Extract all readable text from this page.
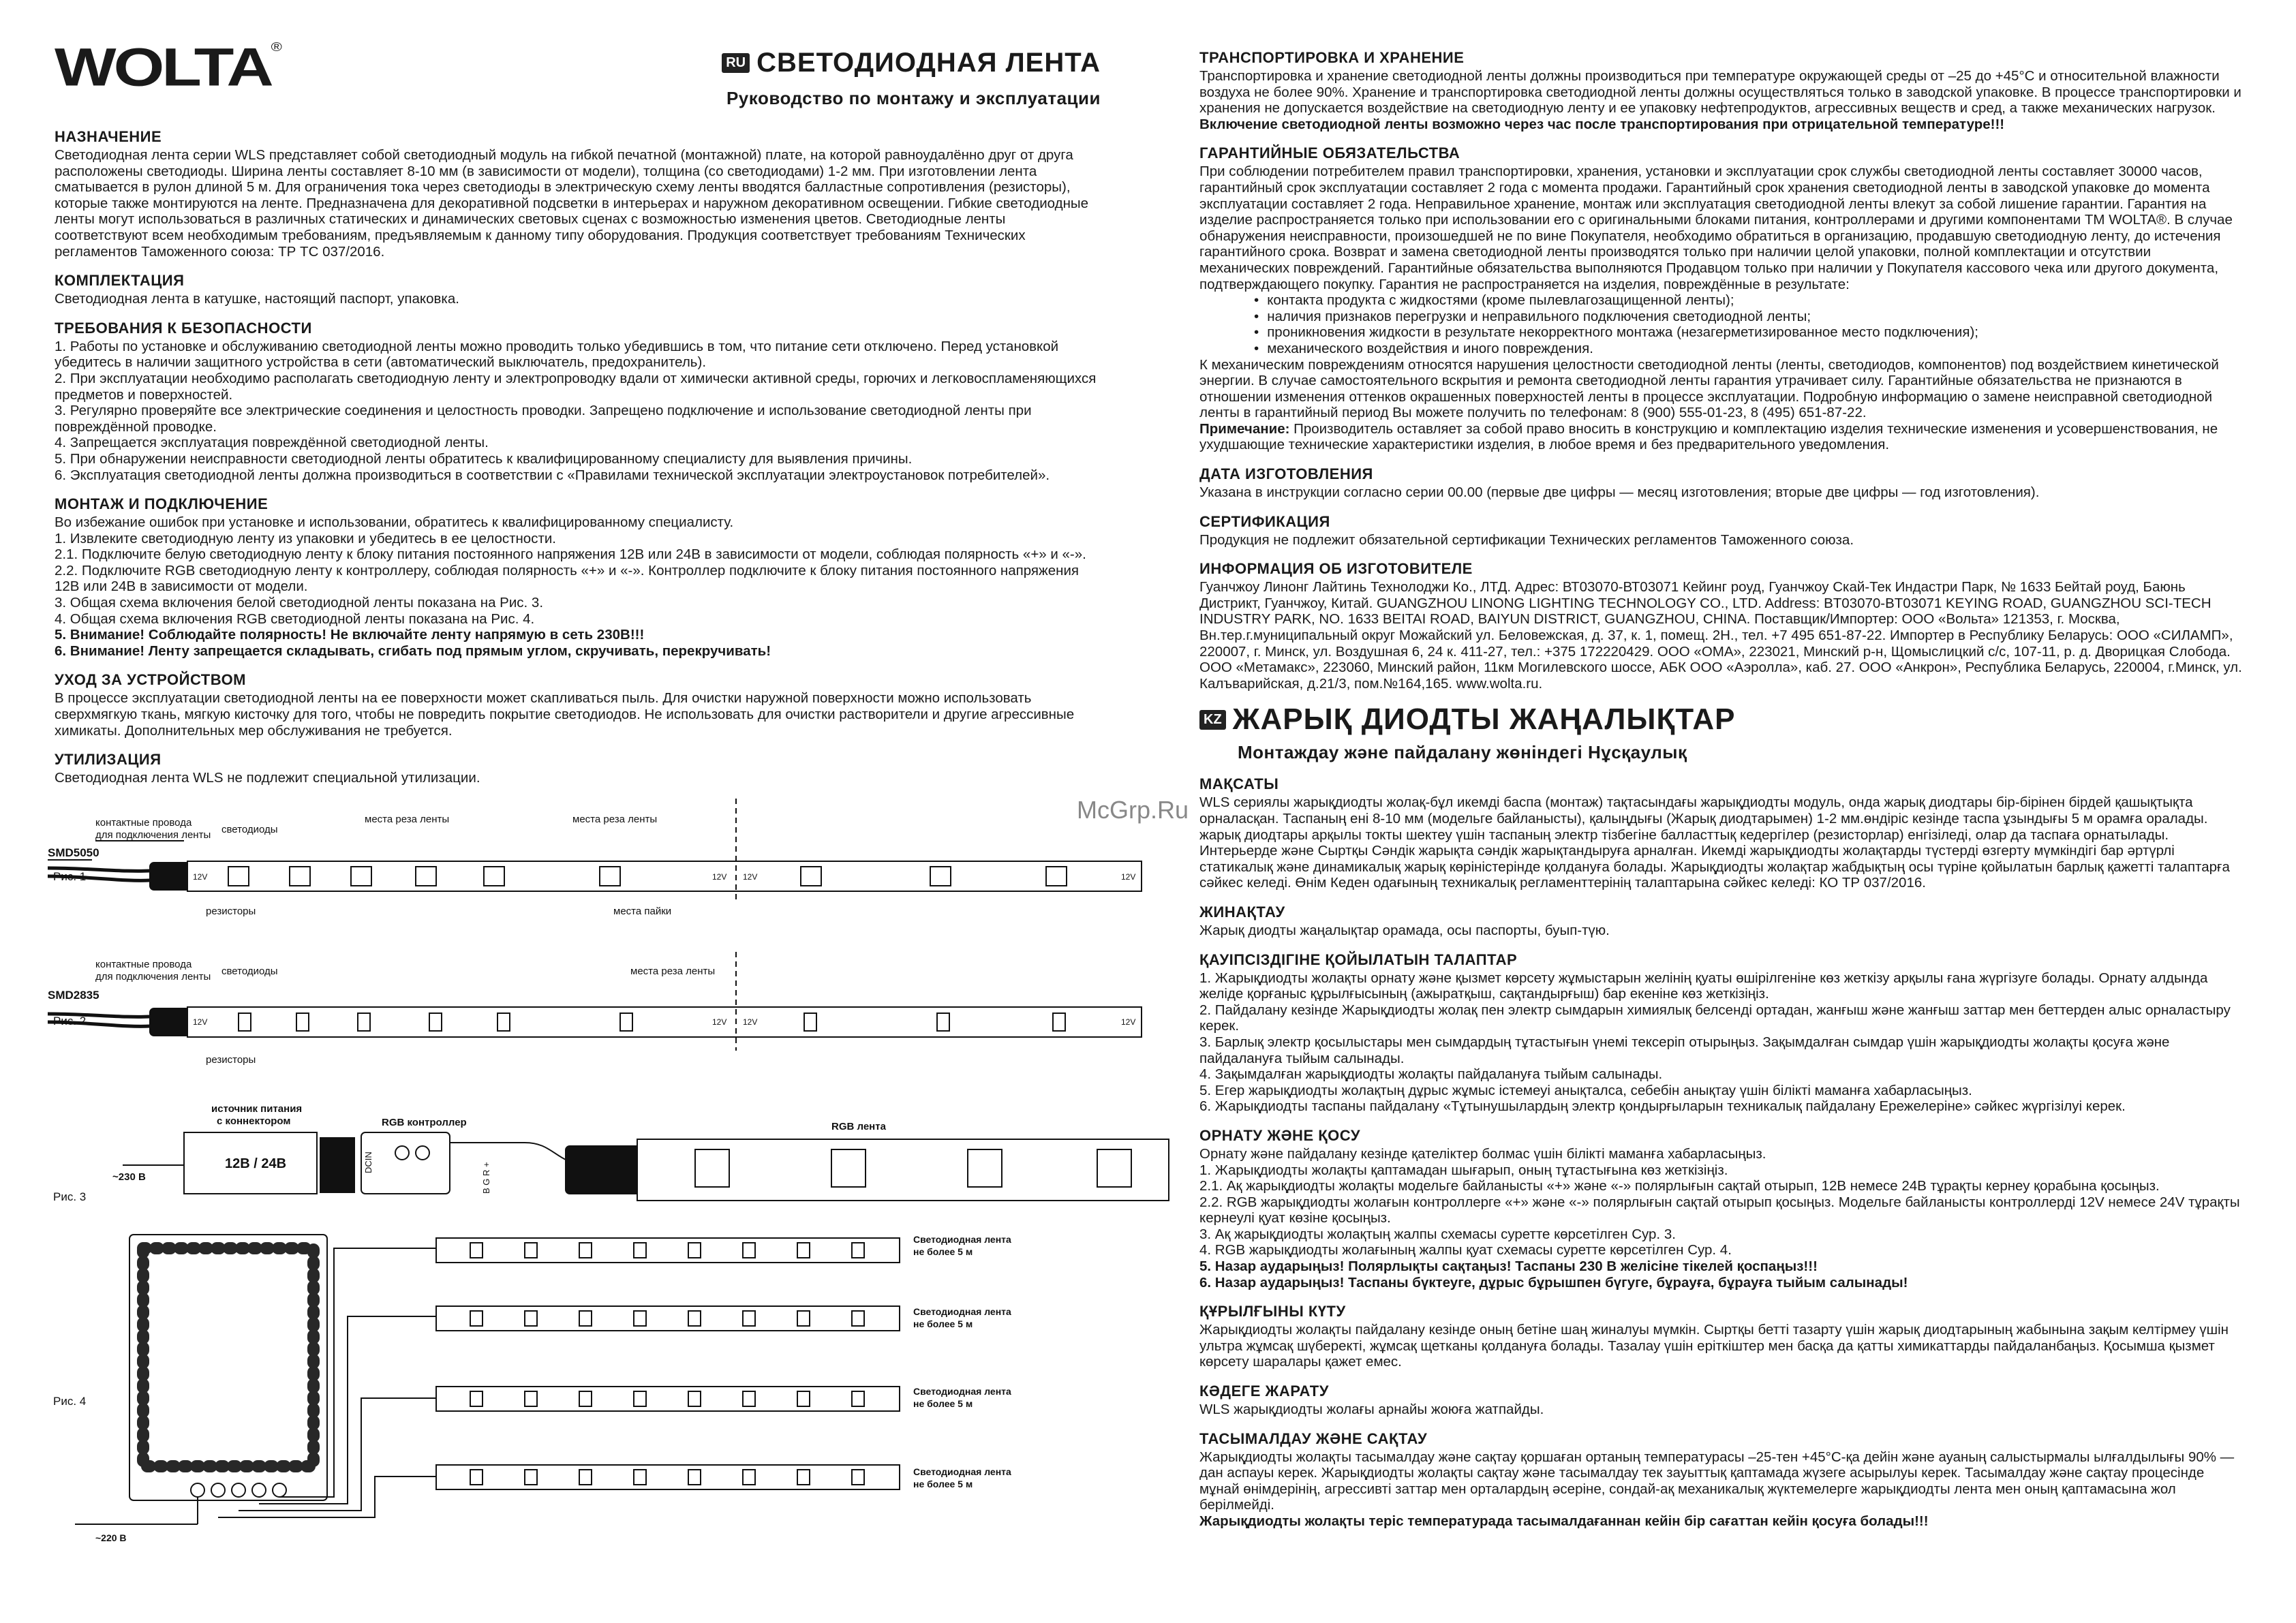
McGrp.Ru
WOLTA®
RU СВЕТОДИОДНАЯ ЛЕНТА
Руководство по монтажу и эксплуатации
НАЗНАЧЕНИЕ

Светодиодная лента серии WLS представляет собой светодиодный модуль на гибкой печатной (монтажной) плате, на которой равноудалённо друг от друга расположены светодиоды. Ширина ленты составляет 8-10 мм (в зависимости от модели), толщина (со светодиодами) 1-2 мм. При изготовлении лента сматывается в рулон длиной 5 м. Для ограничения тока через светодиоды в электрическую схему ленты вводятся балластные сопротивления (резисторы), которые также монтируются на ленте. Предназначена для декоративной подсветки в интерьерах и наружном декоративном освещении. Гибкие светодиодные ленты могут использоваться в различных статических и динамических световых сценах с возможностью изменения цветов. Светодиодные ленты соответствуют всем необходимым требованиям, предъявляемым к данному типу оборудования. Продукция соответствует требованиям Технических регламентов Таможенного союза: ТР ТС 037/2016.

КОМПЛЕКТАЦИЯ

Светодиодная лента в катушке, настоящий паспорт, упаковка.

ТРЕБОВАНИЯ К БЕЗОПАСНОСТИ

1. Работы по установке и обслуживанию светодиодной ленты можно проводить только убедившись в том, что питание сети отключено. Перед установкой убедитесь в наличии защитного устройства в сети (автоматический выключатель, предохранитель).

2. При эксплуатации необходимо располагать светодиодную ленту и электропроводку вдали от химически активной среды, горючих и легковоспламеняющихся предметов и поверхностей.

3. Регулярно проверяйте все электрические соединения и целостность проводки. Запрещено подключение и использование светодиодной ленты при повреждённой проводке.

4. Запрещается эксплуатация повреждённой светодиодной ленты.

5. При обнаружении неисправности светодиодной ленты обратитесь к квалифицированному специалисту для выявления причины.

6. Эксплуатация светодиодной ленты должна производиться в соответствии с «Правилами технической эксплуатации электроустановок потребителей».

МОНТАЖ И ПОДКЛЮЧЕНИЕ

Во избежание ошибок при установке и использовании, обратитесь к квалифицированному специалисту.

1. Извлеките светодиодную ленту из упаковки и убедитесь в ее целостности.

2.1. Подключите белую светодиодную ленту к блоку питания постоянного напряжения 12В или 24В в зависимости от модели, соблюдая полярность «+» и «-».

2.2. Подключите RGB светодиодную ленту к контроллеру, соблюдая полярность «+» и «-». Контроллер подключите к блоку питания постоянного напряжения 12В или 24В в зависимости от модели.

3. Общая схема включения белой светодиодной ленты показана на Рис. 3.

4. Общая схема включения RGB светодиодной ленты показана на Рис. 4.

5. Внимание! Соблюдайте полярность! Не включайте ленту напрямую в сеть 230В!!!

6. Внимание! Ленту запрещается складывать, сгибать под прямым углом, скручивать, перекручивать!

УХОД ЗА УСТРОЙСТВОМ

В процессе эксплуатации светодиодной ленты на ее поверхности может скапливаться пыль. Для очистки наружной поверхности можно использовать сверхмягкую ткань, мягкую кисточку для того, чтобы не повредить покрытие светодиодов. Не использовать для очистки растворители и другие агрессивные химикаты. Дополнительных мер обслуживания не требуется.

УТИЛИЗАЦИЯ

Светодиодная лента WLS не подлежит специальной утилизации.

контактные провода
для подключения ленты
SMD5050
Рис. 1
светодиоды
места реза ленты	места реза ленты
12V	12V 12V	12V
резисторы	места пайки
контактные провода
для подключения ленты
SMD2835
Рис. 2
светодиоды	места реза ленты
12V	12V 12V	12V
резисторы
источник питания
с коннектором
12В / 24В
~230 В
Рис. 3
RGB контроллер
DCIN	B G R +
RGB лента
Рис. 4
~220 В
Светодиодная лента
не более 5 м
Светодиодная лента
не более 5 м
Светодиодная лента
не более 5 м
Светодиодная лента
не более 5 м
ТРАНСПОРТИРОВКА И ХРАНЕНИЕ

Транспортировка и хранение светодиодной ленты должны производиться при температуре окружающей среды от –25 до +45°С и относительной влажности воздуха не более 90%. Хранение и транспортировка светодиодной ленты должны осуществляться только в заводской упаковке. В процессе транспортировки и хранения не допускается воздействие на светодиодную ленту и ее упаковку нефтепродуктов, агрессивных веществ и сред, а также механических нагрузок.

Включение светодиодной ленты возможно через час после транспортирования при отрицательной температуре!!!

ГАРАНТИЙНЫЕ ОБЯЗАТЕЛЬСТВА

При соблюдении потребителем правил транспортировки, хранения, установки и эксплуатации срок службы светодиодной ленты составляет 30000 часов, гарантийный срок эксплуатации составляет 2 года с момента продажи. Гарантийный срок хранения светодиодной ленты в заводской упаковке до момента эксплуатации составляет 2 года. Неправильное хранение, монтаж или эксплуатация светодиодной ленты влекут за собой лишение гарантии. Гарантия на изделие распространяется только при использовании его с оригинальными блоками питания, контроллерами и другими компонентами ТМ WOLTA®. В случае обнаружения неисправности, произошедшей не по вине Покупателя, необходимо обратиться в организацию, продавшую светодиодную ленту, до истечения гарантийного срока. Возврат и замена светодиодной ленты производятся только при наличии целой упаковки, полной комплектации и отсутствии механических повреждений. Гарантийные обязательства выполняются Продавцом только при наличии у Покупателя кассового чека или другого документа, подтверждающего покупку. Гарантия не распространяется на изделия, повреждённые в результате:

• контакта продукта с жидкостями (кроме пылевлагозащищенной ленты);
• наличия признаков перегрузки и неправильного подключения светодиодной ленты;
• проникновения жидкости в результате некорректного монтажа (незагерметизированное место подключения);
• механического воздействия и иного повреждения.

К механическим повреждениям относятся нарушения целостности светодиодной ленты (ленты, светодиодов, компонентов) под воздействием кинетической энергии. В случае самостоятельного вскрытия и ремонта светодиодной ленты гарантия утрачивает силу. Гарантийные обязательства не признаются в отношении изменения оттенков окрашенных поверхностей ленты в процессе эксплуатации. Подробную информацию о замене неисправной светодиодной ленты в гарантийный период Вы можете получить по телефонам: 8 (900) 555-01-23, 8 (495) 651-87-22.

Примечание: Производитель оставляет за собой право вносить в конструкцию и комплектацию изделия технические изменения и усовершенствования, не ухудшающие технические характеристики изделия, в любое время и без предварительного уведомления.

ДАТА ИЗГОТОВЛЕНИЯ

Указана в инструкции согласно серии 00.00 (первые две цифры — месяц изготовления; вторые две цифры — год изготовления).

СЕРТИФИКАЦИЯ

Продукция не подлежит обязательной сертификации Технических регламентов Таможенного союза.

ИНФОРМАЦИЯ ОБ ИЗГОТОВИТЕЛЕ

Гуанчжоу Линонг Лайтинь Технолоджи Ко., ЛТД. Адрес: ВТ03070-ВТ03071 Кейинг роуд, Гуанчжоу Скай-Тек Индастри Парк, № 1633 Бейтай роуд, Баюнь Дистрикт, Гуанчжоу, Китай. GUANGZHOU LINONG LIGHTING TECHNOLOGY CO., LTD. Address: BT03070-BT03071 KEYING ROAD, GUANGZHOU SCI-TECH INDUSTRY PARK, NO. 1633 BEITAI ROAD, BAIYUN DISTRICT, GUANGZHOU, CHINA. Поставщик/Импортер: ООО «Вольта» 121353, г. Москва, Вн.тер.г.муниципальный округ Можайский ул. Беловежская, д. 37, к. 1, помещ. 2Н., тел. +7 495 651-87-22. Импортер в Республику Беларусь: ООО «СИЛАМП», 220007, г. Минск, ул. Воздушная 6, 24 к. 411-27, тел.: +375 172220429. ООО «ОМА», 223021, Минский р-н, Щомыслицкий с/с, 107-11, р. д. Дворицкая Слобода. ООО «Метамакс», 223060, Минский район, 11км Могилевского шоссе, АБК ООО «Аэролла», каб. 27. ООО «Анкрон», Республика Беларусь, 220004, г.Минск, ул. Калъварийская, д.21/3, пом.№164,165. www.wolta.ru.

KZ ЖАРЫҚ ДИОДТЫ ЖАҢАЛЫҚТАР
Монтаждау және пайдалану жөніндегі Нұсқаулық
МАҚСАТЫ

WLS сериялы жарықдиодты жолақ-бұл икемді баспа (монтаж) тақтасындағы жарықдиодты модуль, онда жарық диодтары бір-бірінен бірдей қашықтықта орналасқан. Таспаның ені 8-10 мм (модельге байланысты), қалыңдығы (Жарық диодтарымен) 1-2 мм.өндіріс кезінде таспа ұзындығы 5 м орамға оралады. жарық диодтары арқылы токты шектеу үшін таспаның электр тізбегіне балласттық кедергілер (резисторлар) енгізіледі, олар да таспаға орнатылады. Интерьерде және Сыртқы Сәндік жарықта сәндік жарықтандыруға арналған. Икемді жарықдиодты жолақтарды түстерді өзгерту мүмкіндігі бар әртүрлі статикалық және динамикалық жарық көріністерінде қолдануға болады. Жарықдиодты жолақтар жабдықтың осы түріне қойылатын барлық қажетті талаптарға сәйкес келеді. Өнім Кеден одағының техникалық регламенттерінің талаптарына сәйкес келеді: КО ТР 037/2016.

ЖИНАҚТАУ

Жарық диодты жаңалықтар орамада, осы паспорты, буып-түю.

ҚАУІПСІЗДІГІНЕ ҚОЙЫЛАТЫН ТАЛАПТАР

1. Жарықдиодты жолақты орнату және қызмет көрсету жұмыстарын желінің қуаты өшірілгеніне көз жеткізу арқылы ғана жүргізуге болады. Орнату алдында желіде қорғаныс құрылғысының (ажыратқыш, сақтандырғыш) бар екеніне көз жеткізіңіз.

2. Пайдалану кезінде Жарықдиодты жолақ пен электр сымдарын химиялық белсенді ортадан, жанғыш және жанғыш заттар мен беттерден алыс орналастыру керек.

3. Барлық электр қосылыстары мен сымдардың тұтастығын үнемі тексеріп отырыңыз. Зақымдалған сымдар үшін жарықдиодты жолақты қосуға және пайдалануға тыйым салынады.

4. Зақымдалған жарықдиодты жолақты пайдалануға тыйым салынады.

5. Егер жарықдиодты жолақтың дұрыс жұмыс істемеуі анықталса, себебін анықтау үшін білікті маманға хабарласыңыз.

6. Жарықдиодты таспаны пайдалану «Тұтынушылардың электр қондырғыларын техникалық пайдалану Ережелеріне» сәйкес жүргізілуі керек.

ОРНАТУ ЖӘНЕ ҚОСУ

Орнату және пайдалану кезінде қателіктер болмас үшін білікті маманға хабарласыңыз.

1. Жарықдиодты жолақты қаптамадан шығарып, оның тұтастығына көз жеткізіңіз.

2.1. Ақ жарықдиодты жолақты модельге байланысты «+» және «-» полярлығын сақтай отырып, 12В немесе 24В тұрақты кернеу қорабына қосыңыз.

2.2. RGB жарықдиодты жолағын контроллерге «+» және «-» полярлығын сақтай отырып қосыңыз. Модельге байланысты контроллерді 12V немесе 24V тұрақты кернеулі қуат көзіне қосыңыз.

3. Ақ жарықдиодты жолақтың жалпы схемасы суретте көрсетілген Сур. 3.

4. RGB жарықдиодты жолағының жалпы қуат схемасы суретте көрсетілген Сур. 4.

5. Назар аударыңыз! Полярлықты сақтаңыз! Таспаны 230 В желісіне тікелей қоспаңыз!!!

6. Назар аударыңыз! Таспаны бүктеуге, дұрыс бұрышпен бүгуге, бұрауға, бұрауға тыйым салынады!

ҚҰРЫЛҒЫНЫ КҮТУ

Жарықдиодты жолақты пайдалану кезінде оның бетіне шаң жиналуы мүмкін. Сыртқы бетті тазарту үшін жарық диодтарының жабынына зақым келтірмеу үшін ультра жұмсақ шүберекті, жұмсақ щетканы қолдануға болады. Тазалау үшін еріткіштер мен басқа да қатты химикаттарды пайдаланбаңыз. Қосымша қызмет көрсету шаралары қажет емес.

КӘДЕГЕ ЖАРАТУ

WLS жарықдиодты жолағы арнайы жоюға жатпайды.

ТАСЫМАЛДАУ ЖӘНЕ САҚТАУ

Жарықдиодты жолақты тасымалдау және сақтау қоршаған ортаның температурасы –25-тен +45°С-қа дейін және ауаның салыстырмалы ылғалдылығы 90% — дан аспауы керек. Жарықдиодты жолақты сақтау және тасымалдау тек зауыттық қаптамада жүзеге асырылуы керек. Тасымалдау және сақтау процесінде мұнай өнімдерінің, агрессивті заттар мен орталардың әсеріне, сондай-ақ механикалық жүктемелерге жарықдиодты лента мен оның қаптамасына жол берілмейді.

Жарықдиодты жолақты теріс температурада тасымалдағаннан кейін бір сағаттан кейін қосуға болады!!!
